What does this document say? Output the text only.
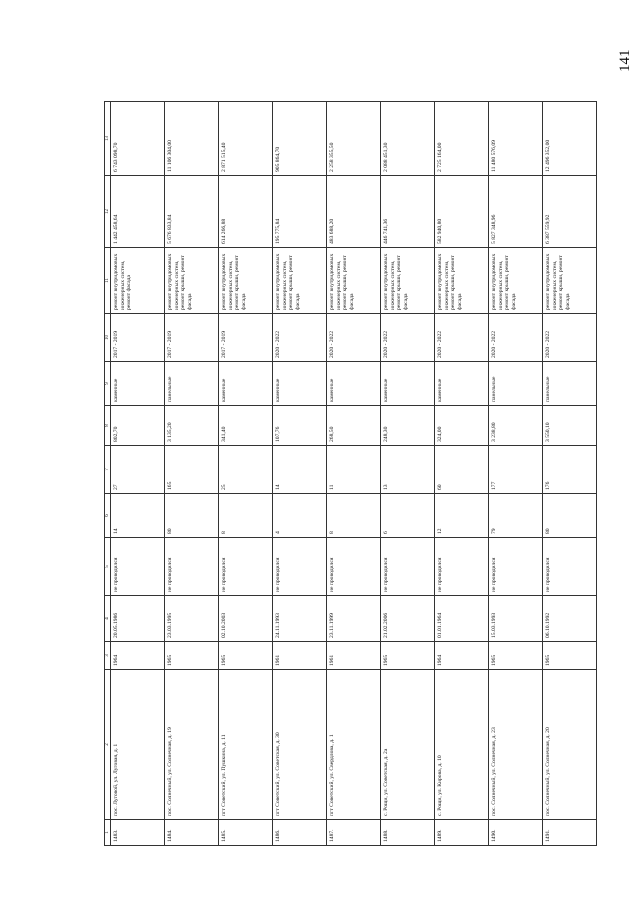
141
1	2	3	4	5	6	7	8	9	10	11	12	13
1483.	пос. Луговой, ул. Луговая, д. 1	1964	20.05.1986	не проводился	14	27	802,70	каменные	2017 - 2019	ремонт внутридомовых инженерных систем, ремонт фасада	1 442 458,64	6 743 098,70
1484.	пос. Солнечный, ул. Солнечная, д. 19	1965	23.03.1995	не проводился	80	165	3 135,20	панельные	2017 - 2019	ремонт внутридомовых инженерных систем, ремонт крыши, ремонт фасада	5 676 833,84	11 106 304,00
1485.	пгт Советский, ул. Пушкина, д. 11	1965	02.10.2003	не проводился	8	25	341,40	каменные	2017 - 2019	ремонт внутридомовых инженерных систем, ремонт крыши, ремонт фасада	614 266,88	2 871 515,40
1486.	пгт Советский, ул. Советская, д. 30	1961	24.11.1993	не проводился	4	14	107,76	каменные	2020 - 2022	ремонт внутридомовых инженерных систем, ремонт крыши, ремонт фасада	195 775,84	905 864,70
1487.	пгт Советский, ул. Свердлова, д. 1	1961	23.11.1999	не проводился	8	11	268,50	каменные	2020 - 2022	ремонт внутридомовых инженерных систем, ремонт крыши, ремонт фасада	483 688,20	2 258 355,50
1488.	с. Рощи, ул. Советская, д. 2а	1965	21.02.2006	не проводился	6	13	248,30	каменные	2020 - 2022	ремонт внутридомовых инженерных систем, ремонт крыши, ремонт фасада	446 741,36	2 088 451,30
1489.	с. Рощи, ул. Кирова, д. 10	1964	01.01.1964	не проводился	12	60	324,00	каменные	2020 - 2022	ремонт внутридомовых инженерных систем, ремонт крыши, ремонт фасада	582 940,80	2 725 164,00
1490.	пос. Солнечный, ул. Солнечная, д. 23	1965	15.03.1993	не проводился	79	177	3 238,80	панельные	2020 - 2022	ремонт внутридомовых инженерных систем, ремонт крыши, ремонт фасада	5 827 348,96	11 480 576,09
1491.	пос. Солнечный, ул. Солнечная, д. 20	1965	06.10.1992	не проводился	80	176	3 550,10	панельные	2020 - 2022	ремонт внутридомовых инженерных систем, ремонт крыши, ремонт фасада	6 387 559,92	12 496 352,00
